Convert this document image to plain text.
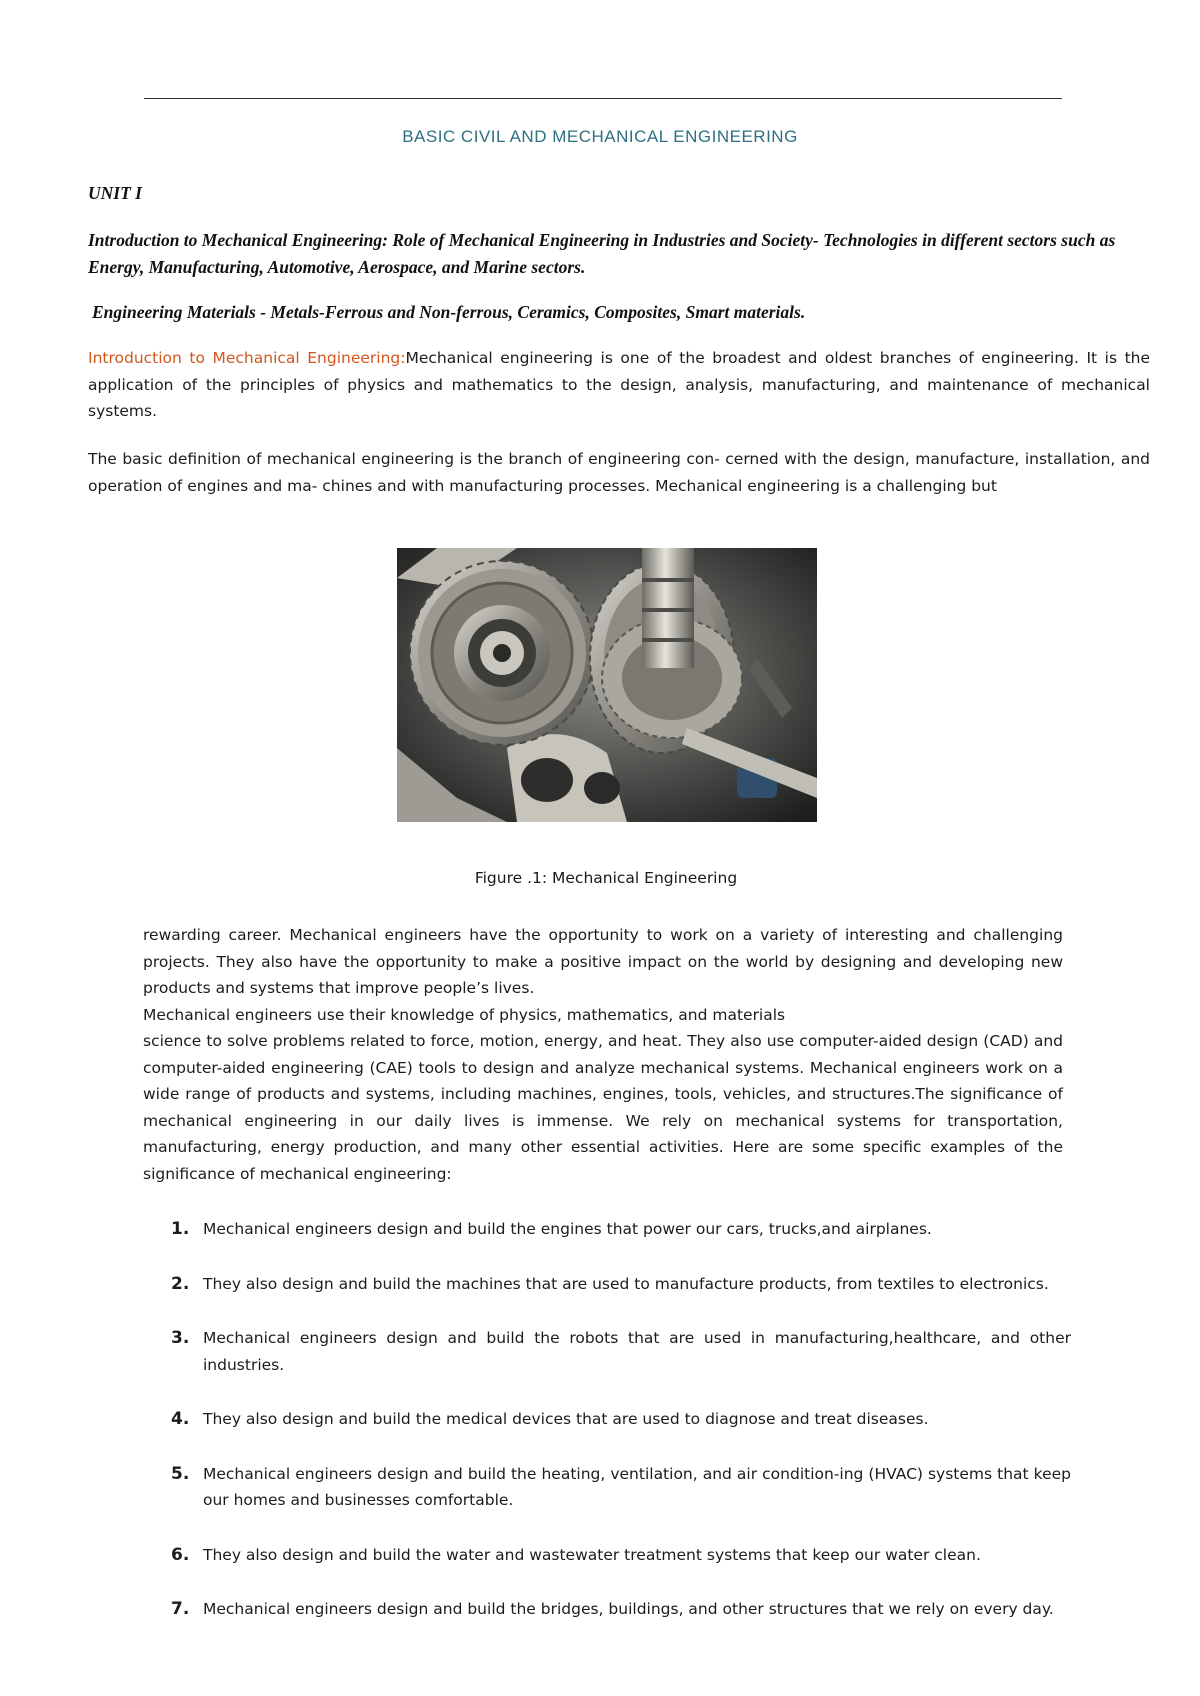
BASIC CIVIL AND MECHANICAL ENGINEERING
UNIT I
Introduction to Mechanical Engineering: Role of Mechanical Engineering in Industries and Society- Technologies in different sectors such as Energy, Manufacturing, Automotive, Aerospace, and Marine sectors.
Engineering Materials - Metals-Ferrous and Non-ferrous, Ceramics, Composites, Smart materials.
Introduction to Mechanical Engineering:Mechanical engineering is one of the broadest and oldest branches of engineering. It is the application of the principles of physics and mathematics to the design, analysis, manufacturing, and maintenance of mechanical systems.
The basic definition of mechanical engineering is the branch of engineering con- cerned with the design, manufacture, installation, and operation of engines and ma- chines and with manufacturing processes. Mechanical engineering is a challenging but
Figure .1: Mechanical Engineering
rewarding career. Mechanical engineers have the opportunity to work on a variety of interesting and challenging projects. They also have the opportunity to make a positive impact on the world by designing and developing new products and systems that improve people’s lives.
Mechanical engineers use their knowledge of physics, mathematics, and materials
science to solve problems related to force, motion, energy, and heat. They also use computer-aided design (CAD) and computer-aided engineering (CAE) tools to design and analyze mechanical systems. Mechanical engineers work on a wide range of products and systems, including machines, engines, tools, vehicles, and structures.The significance of mechanical engineering in our daily lives is immense. We rely on mechanical systems for transportation, manufacturing, energy production, and many other essential activities. Here are some specific examples of the significance of mechanical engineering:
1. Mechanical engineers design and build the engines that power our cars, trucks,and airplanes.
2. They also design and build the machines that are used to manufacture products, from textiles to electronics.
3. Mechanical engineers design and build the robots that are used in manufacturing,healthcare, and other industries.
4. They also design and build the medical devices that are used to diagnose and treat diseases.
5. Mechanical engineers design and build the heating, ventilation, and air condition-ing (HVAC) systems that keep our homes and businesses comfortable.
6. They also design and build the water and wastewater treatment systems that keep our water clean.
7. Mechanical engineers design and build the bridges, buildings, and other structures that we rely on every day.
